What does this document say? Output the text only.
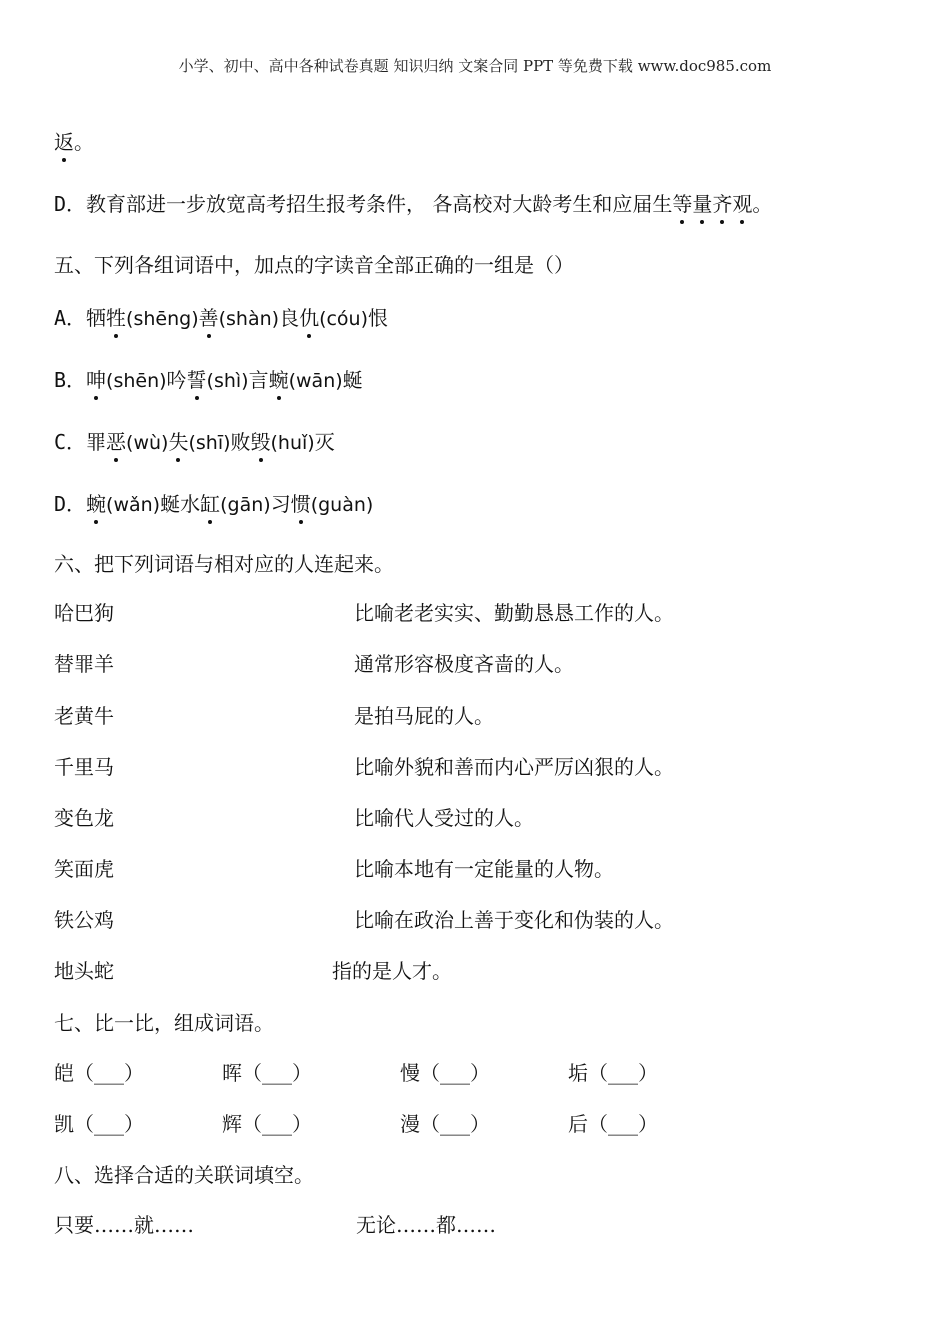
小学、初中、高中各种试卷真题 知识归纳 文案合同 PPT 等免费下载 www.doc985.com
返。
D．教育部进一步放宽高考招生报考条件， 各高校对大龄考生和应届生等量齐观。
五、下列各组词语中，加点的字读音全部正确的一组是（）
A．牺牲(shēng)善(shàn)良仇(cóu)恨
B．呻(shēn)吟誓(shì)言蜿(wān)蜒
C．罪恶(wù)失(shī)败毁(huǐ)灭
D．蜿(wǎn)蜒水缸(gān)习惯(guàn)
六、把下列词语与相对应的人连起来。
哈巴狗	比喻老老实实、勤勤恳恳工作的人。
替罪羊	通常形容极度吝啬的人。
老黄牛	是拍马屁的人。
千里马	比喻外貌和善而内心严厉凶狠的人。
变色龙	比喻代人受过的人。
笑面虎	比喻本地有一定能量的人物。
铁公鸡	比喻在政治上善于变化和伪装的人。
地头蛇	指的是人才。
七、比一比，组成词语。
皑（___）	晖（___）	慢（___）	垢（___）
凯（___）	辉（___）	漫（___）	后（___）
八、选择合适的关联词填空。
只要……就……	无论……都……
